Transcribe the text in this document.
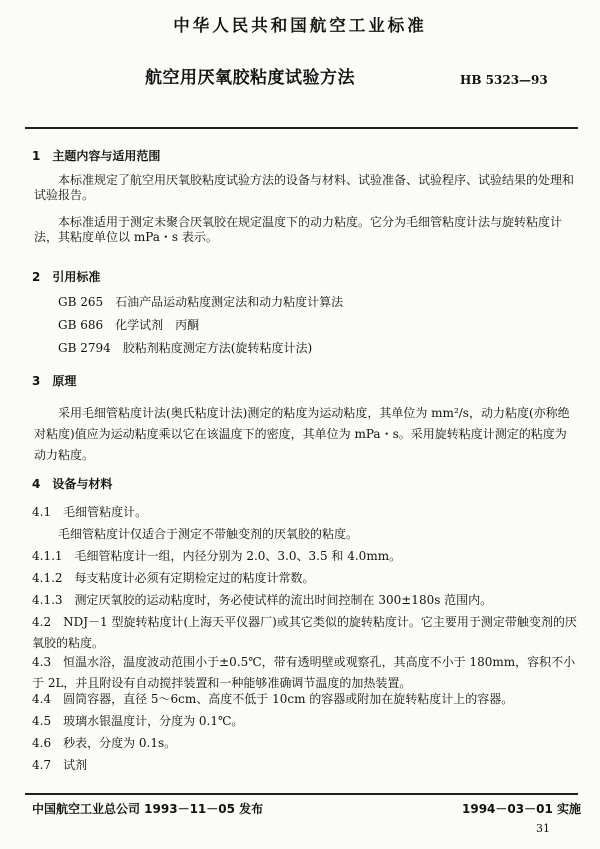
中华人民共和国航空工业标准
航空用厌氧胶粘度试验方法	HB 5323—93
1　主题内容与适用范围
本标准规定了航空用厌氧胶粘度试验方法的设备与材料、试验准备、试验程序、试验结果的处理和试验报告。
本标准适用于测定未聚合厌氧胶在规定温度下的动力粘度。它分为毛细管粘度计法与旋转粘度计法，其粘度单位以 mPa・s 表示。
2　引用标准
GB 265　石油产品运动粘度测定法和动力粘度计算法
GB 686　化学试剂　丙酮
GB 2794　胶粘剂粘度测定方法(旋转粘度计法)
3　原理
采用毛细管粘度计法(奥氏粘度计法)测定的粘度为运动粘度，其单位为 mm²/s，动力粘度(亦称绝对粘度)值应为运动粘度乘以它在该温度下的密度，其单位为 mPa・s。采用旋转粘度计测定的粘度为动力粘度。
4　设备与材料
4.1　毛细管粘度计。
毛细管粘度计仅适合于测定不带触变剂的厌氧胶的粘度。
4.1.1　毛细管粘度计一组，内径分别为 2.0、3.0、3.5 和 4.0mm。
4.1.2　每支粘度计必须有定期检定过的粘度计常数。
4.1.3　测定厌氧胶的运动粘度时，务必使试样的流出时间控制在 300±180s 范围内。
4.2　NDJ－1 型旋转粘度计(上海天平仪器厂)或其它类似的旋转粘度计。它主要用于测定带触变剂的厌氧胶的粘度。
4.3　恒温水浴，温度波动范围小于±0.5℃，带有透明壁或观察孔，其高度不小于 180mm，容积不小于 2L，并且附设有自动搅拌装置和一种能够准确调节温度的加热装置。
4.4　圆筒容器，直径 5～6cm、高度不低于 10cm 的容器或附加在旋转粘度计上的容器。
4.5　玻璃水银温度计，分度为 0.1℃。
4.6　秒表，分度为 0.1s。
4.7　试剂
中国航空工业总公司 1993－11－05 发布	1994－03－01 实施
31
